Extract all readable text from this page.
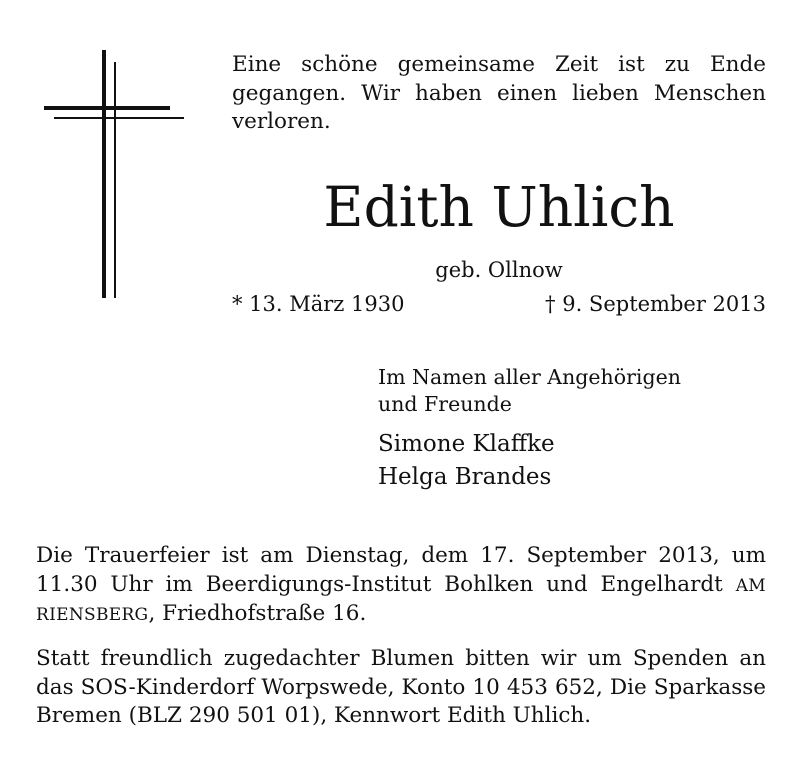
Eine schöne gemeinsame Zeit ist zu Ende gegangen. Wir haben einen lieben Menschen verloren.

Edith Uhlich

geb. Ollnow

* 13. März 1930	† 9. September 2013

Im Namen aller Angehörigen

und Freunde

Simone Klaffke
Helga Brandes

Die Trauerfeier ist am Dienstag, dem 17. September 2013, um 11.30 Uhr im Beerdigungs-Institut Bohlken und Engelhardt AM RIENSBERG, Friedhofstraße 16.

Statt freundlich zugedachter Blumen bitten wir um Spenden an das SOS-Kinderdorf Worpswede, Konto 10 453 652, Die Sparkasse Bremen (BLZ 290 501 01), Kennwort Edith Uhlich.
